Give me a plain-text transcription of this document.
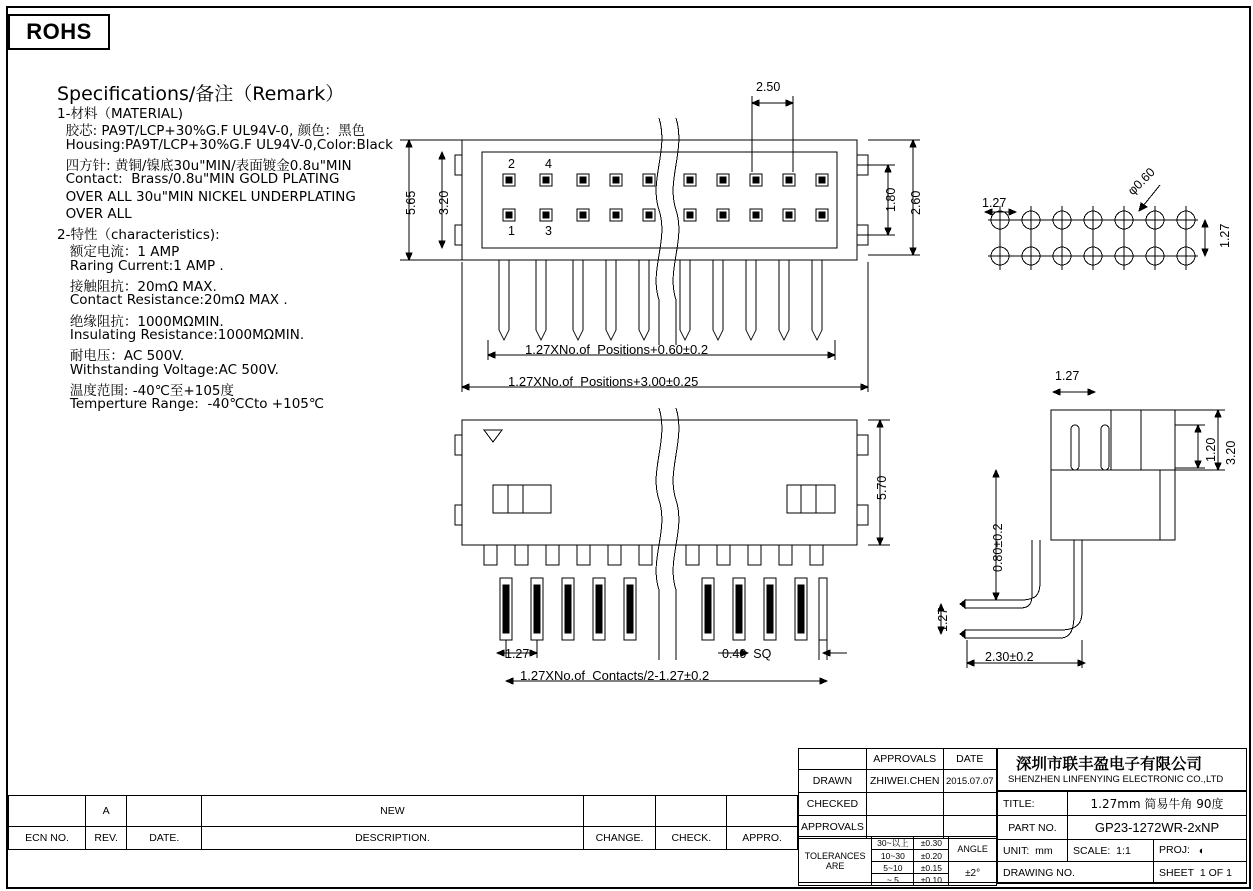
ROHS
Specifications/备注（Remark）
1-材料（MATERIAL)
胶芯: PA9T/LCP+30%G.F UL94V-0, 颜色：黑色
Housing:PA9T/LCP+30%G.F UL94V-0,Color:Black
四方针: 黄铜/镍底30u"MIN/表面镀金0.8u"MIN
Contact:  Brass/0.8u"MIN GOLD PLATING
OVER ALL 30u"MIN NICKEL UNDERPLATING
OVER ALL
2-特性（characteristics):
额定电流：1 AMP
Raring Current:1 AMP .
接触阻抗：20mΩ MAX.
Contact Resistance:20mΩ MAX .
绝缘阻抗：1000MΩMIN.
Insulating Resistance:1000MΩMIN.
耐电压：AC 500V.
Withstanding Voltage:AC 500V.
温度范围: -40℃至+105度
Temperture Range:  -40℃Cto +105℃
2.50
5.65 3.20	1.80 2.60
2 4
1 3
1.27XNo.of  Positions+0.60±0.2
1.27XNo.of  Positions+3.00±0.25
1.27
φ0.60
1.27
5.70
1.27	0.40  SQ
1.27XNo.of  Contacts/2-1.27±0.2
1.27
1.20 3.20
0.80±0.2
1.27
2.30±0.2
	A		NEW			
ECN NO.	REV.	DATE.	DESCRIPTION.	CHANGE.	CHECK.	APPRO.
	APPROVALS	DATE
DRAWN	ZHIWEI.CHEN	2015.07.07
CHECKED		
APPROVALS		
TOLERANCES ARE	30~以上	±0.30	ANGLE
	10~30	±0.20	
	5~10	±0.15	±2°
	~ 5	±0.10	
深圳市联丰盈电子有限公司
SHENZHEN LINFENYING ELECTRONIC CO.,LTD
TITLE:	1.27mm 简易牛角 90度	
PART NO.	GP23-1272WR-2xNP	
UNIT:  mm	SCALE:  1:1	PROJ:   ◐
DRAWING NO.		SHEET  1 OF 1
